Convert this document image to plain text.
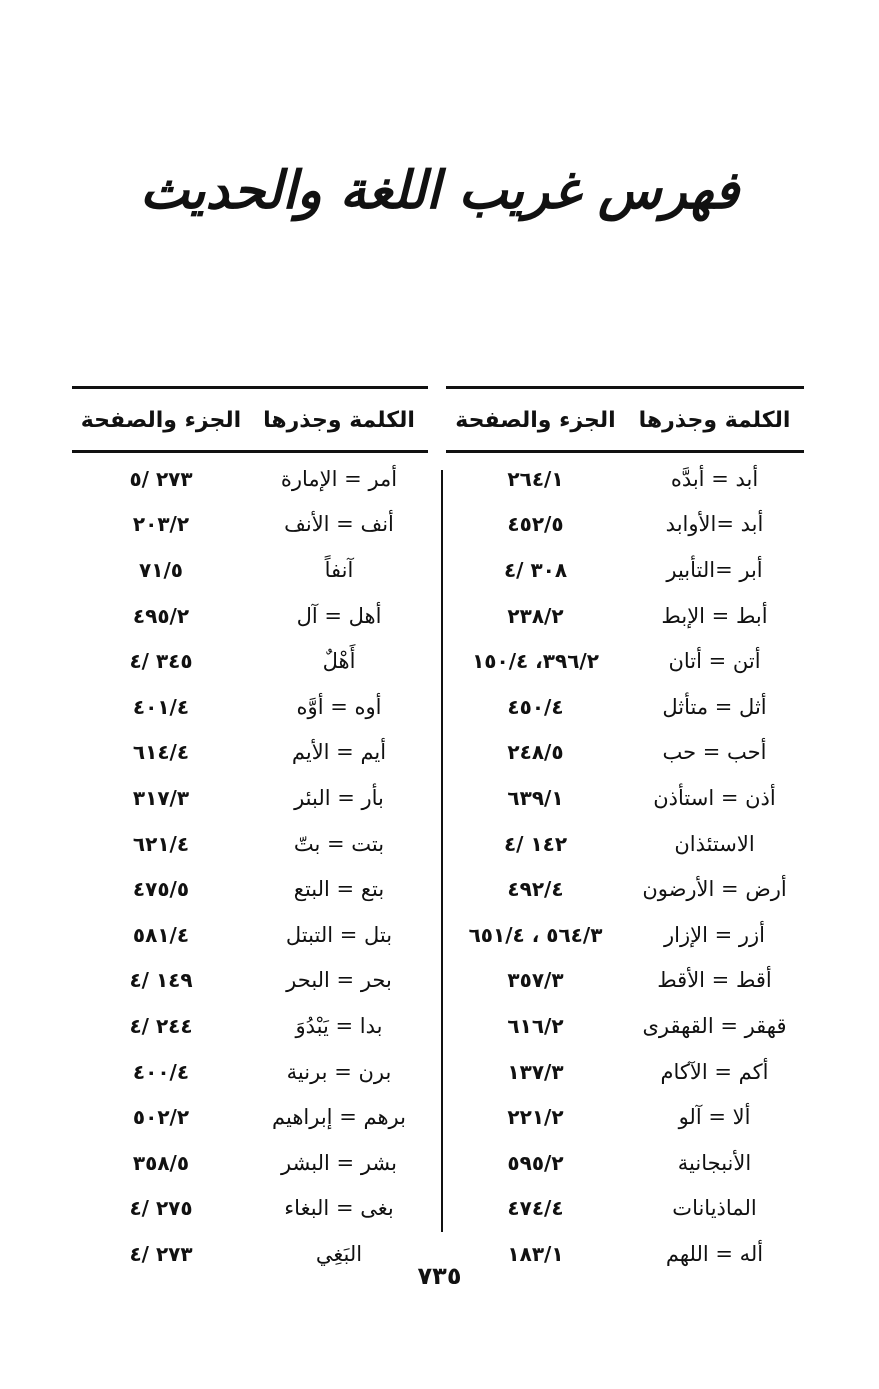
فهرس غريب اللغة والحديث
الكلمة وجذرها
الجزء والصفحة
أبد = أبدَّه
٢٦٤/١
أبد =الأوابد
٤٥٢/٥
أبر =التأبير
٣٠٨ /٤
أبط = الإبط
٢٣٨/٢
أتن = أتان
٣٩٦/٢، ١٥٠/٤
أثل = متأثل
٤٥٠/٤
أحب = حب
٢٤٨/٥
أذن = استأذن
٦٣٩/١
الاستئذان
١٤٢ /٤
أرض = الأرضون
٤٩٢/٤
أزر = الإزار
٥٦٤/٣ ، ٦٥١/٤
أقط = الأقط
٣٥٧/٣
قهقر = القهقرى
٦١٦/٢
أكم = الآكام
١٣٧/٣
ألا = آلو
٢٢١/٢
الأنبجانية
٥٩٥/٢
الماذيانات
٤٧٤/٤
أله = اللهم
١٨٣/١
الكلمة وجذرها
الجزء والصفحة
أمر = الإمارة
٢٧٣ /٥
أنف = الأنف
٢٠٣/٢
آنفاً
٧١/٥
أهل = آل
٤٩٥/٢
أَهْلٌ
٣٤٥ /٤
أوه = أوَّه
٤٠١/٤
أيم = الأيم
٦١٤/٤
بأر = البئر
٣١٧/٣
بتت = بتّ
٦٢١/٤
بتع = البتع
٤٧٥/٥
بتل = التبتل
٥٨١/٤
بحر = البحر
١٤٩ /٤
بدا = يَبْدُوَ
٢٤٤ /٤
برن = برنية
٤٠٠/٤
برهم = إبراهيم
٥٠٢/٢
بشر = البشر
٣٥٨/٥
بغى = البغاء
٢٧٥ /٤
البَغِي
٢٧٣ /٤
٧٣٥
